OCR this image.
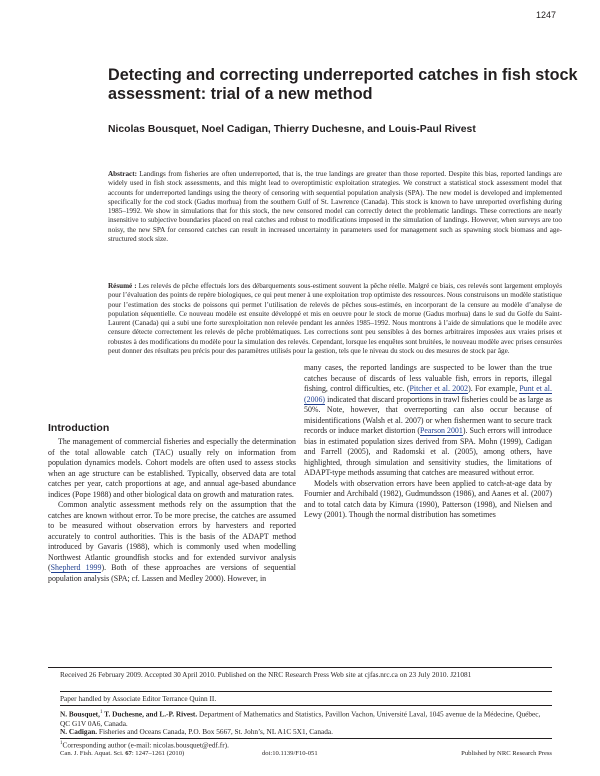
1247
Detecting and correcting underreported catches in fish stock assessment: trial of a new method
Nicolas Bousquet, Noel Cadigan, Thierry Duchesne, and Louis-Paul Rivest
Abstract: Landings from fisheries are often underreported, that is, the true landings are greater than those reported. Despite this bias, reported landings are widely used in fish stock assessments, and this might lead to overoptimistic exploitation strategies. We construct a statistical stock assessment model that accounts for underreported landings using the theory of censoring with sequential population analysis (SPA). The new model is developed and implemented specifically for the cod stock (Gadus morhua) from the southern Gulf of St. Lawrence (Canada). This stock is known to have unreported overfishing during 1985–1992. We show in simulations that for this stock, the new censored model can correctly detect the problematic landings. These corrections are nearly insensitive to subjective boundaries placed on real catches and robust to modifications imposed in the simulation of landings. However, when surveys are too noisy, the new SPA for censored catches can result in increased uncertainty in parameters used for management such as spawning stock biomass and age-structured stock size.
Résumé : Les relevés de pêche effectués lors des débarquements sous-estiment souvent la pêche réelle. Malgré ce biais, ces relevés sont largement employés pour l’évaluation des points de repère biologiques, ce qui peut mener à une exploitation trop optimiste des ressources. Nous construisons un modèle statistique pour l’estimation des stocks de poissons qui permet l’utilisation de relevés de pêches sous-estimés, en incorporant de la censure au modèle d’analyse de population séquentielle. Ce nouveau modèle est ensuite développé et mis en oeuvre pour le stock de morue (Gadus morhua) dans le sud du Golfe du Saint-Laurent (Canada) qui a subi une forte surexploitation non relevée pendant les années 1985–1992. Nous montrons à l’aide de simulations que le modèle avec censure détecte correctement les relevés de pêche problématiques. Les corrections sont peu sensibles à des bornes arbitraires imposées aux vraies prises et robustes à des modifications du modèle pour la simulation des relevés. Cependant, lorsque les enquêtes sont bruitées, le nouveau modèle avec prises censurées peut donner des résultats peu précis pour des paramètres utilisés pour la gestion, tels que le niveau du stock ou des mesures de stock par âge.
Introduction

The management of commercial fisheries and especially the determination of the total allowable catch (TAC) usually rely on information from population dynamics models. Cohort models are often used to assess stocks when an age structure can be established. Typically, observed data are total catches per year, catch proportions at age, and annual age-based abundance indices (Pope 1988) and other biological data on growth and maturation rates.

Common analytic assessment methods rely on the assumption that the catches are known without error. To be more precise, the catches are assumed to be measured without observation errors by harvesters and reported accurately to control authorities. This is the basis of the ADAPT method introduced by Gavaris (1988), which is commonly used when modelling Northwest Atlantic groundfish stocks and for extended survivor analysis (Shepherd 1999). Both of these approaches are versions of sequential population analysis (SPA; cf. Lassen and Medley 2000). However, in

many cases, the reported landings are suspected to be lower than the true catches because of discards of less valuable fish, errors in reports, illegal fishing, control difficulties, etc. (Pitcher et al. 2002). For example, Punt et al. (2006) indicated that discard proportions in trawl fisheries could be as large as 50%. Note, however, that overreporting can also occur because of misidentifications (Walsh et al. 2007) or when fishermen want to secure track records or induce market distortion (Pearson 2001). Such errors will introduce bias in estimated population sizes derived from SPA. Mohn (1999), Cadigan and Farrell (2005), and Radomski et al. (2005), among others, have highlighted, through simulation and sensitivity studies, the limitations of ADAPT-type methods assuming that catches are measured without error.

Models with observation errors have been applied to catch-at-age data by Fournier and Archibald (1982), Gudmundsson (1986), and Aanes et al. (2007) and to total catch data by Kimura (1990), Patterson (1998), and Nielsen and Lewy (2001). Though the normal distribution has sometimes

Received 26 February 2009. Accepted 30 April 2010. Published on the NRC Research Press Web site at cjfas.nrc.ca on 23 July 2010. J21081
Paper handled by Associate Editor Terrance Quinn II.
N. Bousquet,$^1$ T. Duchesne, and L.-P. Rivest. Department of Mathematics and Statistics, Pavillon Vachon, Université Laval, 1045 avenue de la Médecine, Québec, QC G1V 0A6, Canada.
N. Cadigan. Fisheries and Oceans Canada, P.O. Box 5667, St. John’s, NL A1C 5X1, Canada.
$^1$Corresponding author (e-mail: nicolas.bousquet@edf.fr).
Can. J. Fish. Aquat. Sci. 67: 1247–1261 (2010)	doi:10.1139/F10-051	Published by NRC Research Press
